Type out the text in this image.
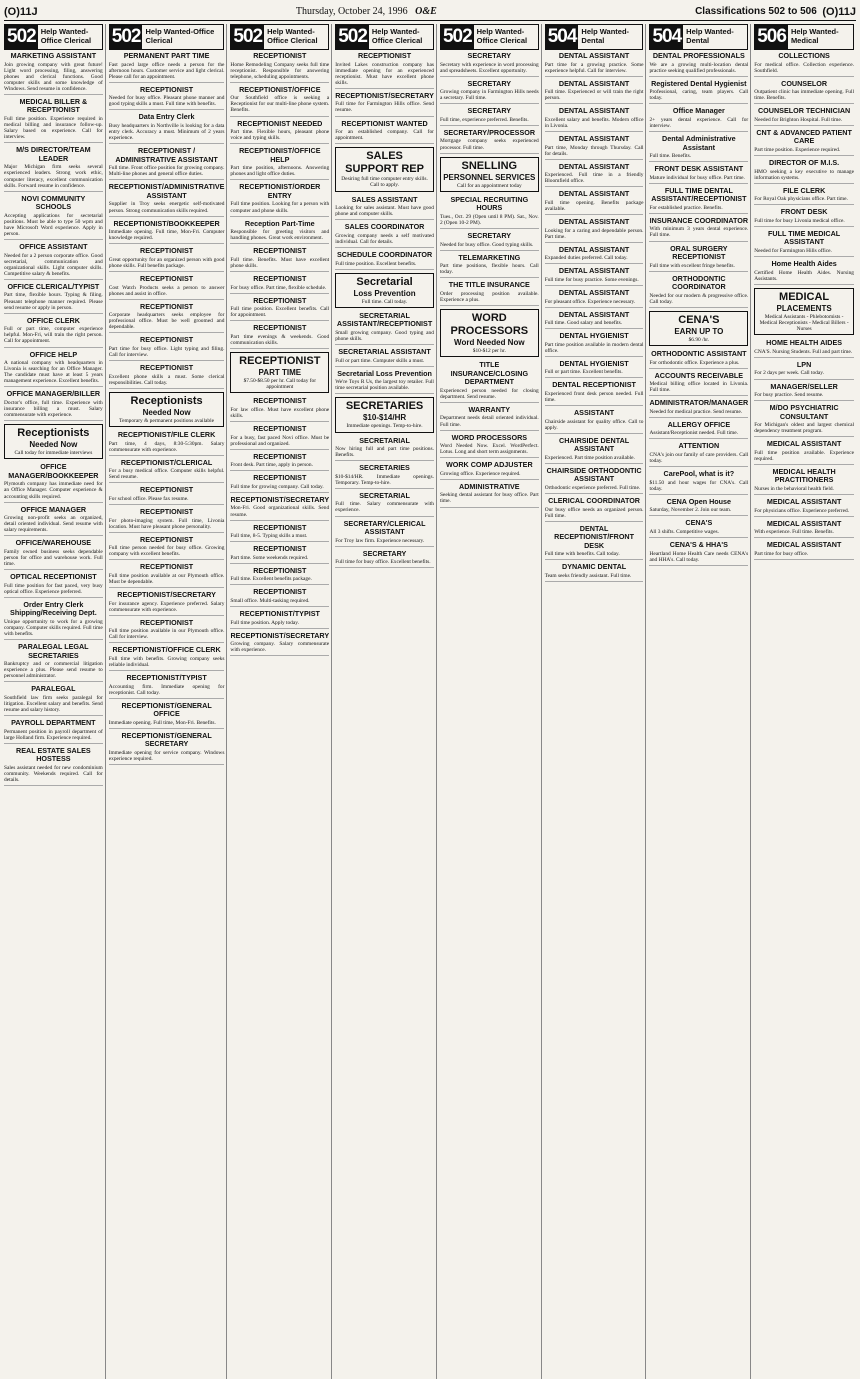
(O)11J	Thursday, October 24, 1996 O&E	Classifications 502 to 506
(O)11J
502 Help Wanted-Office Clerical
MARKETING ASSISTANT
Join growing company with great future! Light word processing, filing, answering phones and clerical functions. Good computer skills and some knowledge of Windows. Send resume in confidence.
MEDICAL BILLER & RECEPTIONIST
Full time position. Experience required in medical billing and insurance follow-up. Salary based on experience. Call for interview.
M/S DIRECTOR/TEAM LEADER
Major Michigan firm seeks several experienced leaders. Strong work ethic, computer literacy, excellent communication skills. Forward resume in confidence.
NOVI COMMUNITY SCHOOLS
Accepting applications for secretarial positions. Must be able to type 50 wpm and have Microsoft Word experience. Apply in person.
OFFICE ASSISTANT
Needed for a 2 person corporate office. Good secretarial, communication and organizational skills. Light computer skills. Competitive salary & benefits.
OFFICE CLERICAL/TYPIST
Part time, flexible hours. Typing & filing. Pleasant telephone manner required. Please send resume or apply in person.
OFFICE CLERK
Full or part time, computer experience helpful. Mon-Fri, will train the right person. Call for appointment.
OFFICE HELP
A national company with headquarters in Livonia is searching for an Office Manager. The candidate must have at least 5 years management experience. Excellent benefits.
OFFICE MANAGER/BILLER
Doctor's office, full time. Experience with insurance billing a must. Salary commensurate with experience.
Receptionists
Needed Now
Call today for immediate interviews
OFFICE MANAGER/BOOKKEEPER
Plymouth company has immediate need for an Office Manager. Computer experience & accounting skills required.
OFFICE MANAGER
Growing non-profit seeks an organized, detail oriented individual. Send resume with salary requirements.
OFFICE/WAREHOUSE
Family owned business seeks dependable person for office and warehouse work. Full time.
OPTICAL RECEPTIONIST
Full time position for fast paced, very busy optical office. Experience preferred.
Order Entry Clerk Shipping/Receiving Dept.
Unique opportunity to work for a growing company. Computer skills required. Full time with benefits.
PARALEGAL LEGAL SECRETARIES
Bankruptcy and or commercial litigation experience a plus. Please send resume to personnel administrator.
PARALEGAL
Southfield law firm seeks paralegal for litigation. Excellent salary and benefits. Send resume and salary history.
PAYROLL DEPARTMENT
Permanent position in payroll department of large Holland firm. Experience required.
REAL ESTATE SALES HOSTESS
Sales assistant needed for new condominium community. Weekends required. Call for details.
502 Help Wanted-Office Clerical
PERMANENT PART TIME
Fast paced large office needs a person for the afternoon hours. Customer service and light clerical. Please call for an appointment.
RECEPTIONIST
Needed for busy office. Pleasant phone manner and good typing skills a must. Full time with benefits.
Data Entry Clerk
Busy headquarters in Northville is looking for a data entry clerk. Accuracy a must. Minimum of 2 years experience.
RECEPTIONIST / ADMINISTRATIVE ASSISTANT
Full time. Front office position for growing company. Multi-line phones and general office duties.
RECEPTIONIST/ADMINISTRATIVE ASSISTANT
Supplier in Troy seeks energetic self-motivated person. Strong communication skills required.
RECEPTIONIST/BOOKKEEPER
Immediate opening. Full time, Mon-Fri. Computer knowledge required.
RECEPTIONIST
Great opportunity for an organized person with good phone skills. Full benefits package.
RECEPTIONIST
Cost Watch Products seeks a person to answer phones and assist in office.
RECEPTIONIST
Corporate headquarters seeks employee for professional office. Must be well groomed and dependable.
RECEPTIONIST
Part time for busy office. Light typing and filing. Call for interview.
RECEPTIONIST
Excellent phone skills a must. Some clerical responsibilities. Call today.
Receptionists
Needed Now
Temporary & permanent positions available
RECEPTIONIST/FILE CLERK
Part time, 4 days, 8:30-5:30pm. Salary commensurate with experience.
RECEPTIONIST/CLERICAL
For a busy medical office. Computer skills helpful. Send resume.
RECEPTIONIST
For school office. Please fax resume.
RECEPTIONIST
For photo-imaging system. Full time, Livonia location. Must have pleasant phone personality.
RECEPTIONIST
Full time person needed for busy office. Growing company with excellent benefits.
RECEPTIONIST
Full time position available at our Plymouth office. Must be dependable.
RECEPTIONIST/SECRETARY
For insurance agency. Experience preferred. Salary commensurate with experience.
RECEPTIONIST
Full time position available in our Plymouth office. Call for interview.
RECEPTIONIST/OFFICE CLERK
Full time with benefits. Growing company seeks reliable individual.
RECEPTIONIST/TYPIST
Accounting firm. Immediate opening for receptionist. Call today.
RECEPTIONIST/GENERAL OFFICE
Immediate opening. Full time, Mon-Fri. Benefits.
RECEPTIONIST/GENERAL SECRETARY
Immediate opening for service company. Windows experience required.
502 Help Wanted-Office Clerical
RECEPTIONIST
Home Remodeling Company seeks full time receptionist. Responsible for answering telephone, scheduling appointments.
RECEPTIONIST/OFFICE
Our Southfield office is seeking a Receptionist for our multi-line phone system. Benefits.
RECEPTIONIST NEEDED
Part time. Flexible hours, pleasant phone voice and typing skills.
RECEPTIONIST/OFFICE HELP
Part time position, afternoons. Answering phones and light office duties.
RECEPTIONIST/ORDER ENTRY
Full time position. Looking for a person with computer and phone skills.
Reception Part-Time
Responsible for greeting visitors and handling phones. Great work environment.
RECEPTIONIST
Full time. Benefits. Must have excellent phone skills.
RECEPTIONIST
For busy office. Part time, flexible schedule.
RECEPTIONIST
Full time position. Excellent benefits. Call for appointment.
RECEPTIONIST
Part time evenings & weekends. Good communication skills.
RECEPTIONIST
PART TIME
$7.50-$8.50 per hr. Call today for appointment
RECEPTIONIST
For law office. Must have excellent phone skills.
RECEPTIONIST
For a busy, fast paced Novi office. Must be professional and organized.
RECEPTIONIST
Front desk. Part time, apply in person.
RECEPTIONIST
Full time for growing company. Call today.
RECEPTIONIST/SECRETARY
Mon-Fri. Good organizational skills. Send resume.
RECEPTIONIST
Full time, 8-5. Typing skills a must.
RECEPTIONIST
Part time. Some weekends required.
RECEPTIONIST
Full time. Excellent benefits package.
RECEPTIONIST
Small office. Multi-tasking required.
RECEPTIONIST/TYPIST
Full time position. Apply today.
RECEPTIONIST/SECRETARY
Growing company. Salary commensurate with experience.
502 Help Wanted-Office Clerical
RECEPTIONIST
Invited Lakes construction company has immediate opening for an experienced receptionist. Must have excellent phone skills.
RECEPTIONIST/SECRETARY
Full time for Farmington Hills office. Send resume.
RECEPTIONIST WANTED
For an established company. Call for appointment.
SALES SUPPORT REP
Desiring full time computer entry skills. Call to apply.
SALES ASSISTANT
Looking for sales assistant. Must have good phone and computer skills.
SALES COORDINATOR
Growing company needs a self motivated individual. Call for details.
SCHEDULE COORDINATOR
Full time position. Excellent benefits.
Secretarial
Loss Prevention
Full time. Call today.
SECRETARIAL ASSISTANT/RECEPTIONIST
Small growing company. Good typing and phone skills.
SECRETARIAL ASSISTANT
Full or part time. Computer skills a must.
Secretarial Loss Prevention
We're Toys R Us, the largest toy retailer. Full time secretarial position available.
SECRETARIES
$10-$14/HR
Immediate openings. Temp-to-hire.
SECRETARIAL
Now hiring full and part time positions. Benefits.
SECRETARIES
$10-$14/HR. Immediate openings. Temporary. Temp-to-hire.
SECRETARIAL
Full time. Salary commensurate with experience.
SECRETARY/CLERICAL ASSISTANT
For Troy law firm. Experience necessary.
SECRETARY
Full time for busy office. Excellent benefits.
502 Help Wanted-Office Clerical
SECRETARY
Secretary with experience in word processing and spreadsheets. Excellent opportunity.
SECRETARY
Growing company in Farmington Hills needs a secretary. Full time.
SECRETARY
Full time, experience preferred. Benefits.
SECRETARY/PROCESSOR
Mortgage company seeks experienced processor. Full time.
SNELLING
PERSONNEL SERVICES
Call for an appointment today
SPECIAL RECRUITING HOURS
Tues., Oct. 29 (Open until 8 PM). Sat., Nov. 2 (Open 10-2 PM).
SECRETARY
Needed for busy office. Good typing skills.
TELEMARKETING
Part time positions, flexible hours. Call today.
THE TITLE INSURANCE
Order processing position available. Experience a plus.
WORD PROCESSORS
Word Needed Now
$10-$12 per hr.
TITLE INSURANCE/CLOSING DEPARTMENT
Experienced person needed for closing department. Send resume.
WARRANTY
Department needs detail oriented individual. Full time.
WORD PROCESSORS
Word Needed Now. Excel. WordPerfect. Lotus. Long and short term assignments.
WORK COMP ADJUSTER
Growing office. Experience required.
ADMINISTRATIVE
Seeking dental assistant for busy office. Part time.
504 Help Wanted-Dental
DENTAL ASSISTANT
Part time for a growing practice. Some experience helpful. Call for interview.
DENTAL ASSISTANT
Full time. Experienced or will train the right person.
DENTAL ASSISTANT
Excellent salary and benefits. Modern office in Livonia.
DENTAL ASSISTANT
Part time, Monday through Thursday. Call for details.
DENTAL ASSISTANT
Experienced. Full time in a friendly Bloomfield office.
DENTAL ASSISTANT
Full time opening. Benefits package available.
DENTAL ASSISTANT
Looking for a caring and dependable person. Part time.
DENTAL ASSISTANT
Expanded duties preferred. Call today.
DENTAL ASSISTANT
Full time for busy practice. Some evenings.
DENTAL ASSISTANT
For pleasant office. Experience necessary.
DENTAL ASSISTANT
Full time. Good salary and benefits.
DENTAL HYGIENIST
Part time position available in modern dental office.
DENTAL HYGIENIST
Full or part time. Excellent benefits.
DENTAL RECEPTIONIST
Experienced front desk person needed. Full time.
ASSISTANT
Chairside assistant for quality office. Call to apply.
CHAIRSIDE DENTAL ASSISTANT
Experienced. Part time position available.
CHAIRSIDE ORTHODONTIC ASSISTANT
Orthodontic experience preferred. Full time.
CLERICAL COORDINATOR
Our busy office needs an organized person. Full time.
DENTAL RECEPTIONIST/FRONT DESK
Full time with benefits. Call today.
DYNAMIC DENTAL
Team seeks friendly assistant. Full time.
504 Help Wanted-Dental
DENTAL PROFESSIONALS
We are a growing multi-location dental practice seeking qualified professionals.
Registered Dental Hygienist
Professional, caring, team players. Call today.
Office Manager
2+ years dental experience. Call for interview.
Dental Administrative Assistant
Full time. Benefits.
FRONT DESK ASSISTANT
Mature individual for busy office. Part time.
FULL TIME DENTAL ASSISTANT/RECEPTIONIST
For established practice. Benefits.
INSURANCE COORDINATOR
With minimum 3 years dental experience. Full time.
ORAL SURGERY RECEPTIONIST
Full time with excellent fringe benefits.
ORTHODONTIC COORDINATOR
Needed for our modern & progressive office. Call today.
CENA'S
EARN UP TO
$6.90 /hr.
ORTHODONTIC ASSISTANT
For orthodontic office. Experience a plus.
ACCOUNTS RECEIVABLE
Medical billing office located in Livonia. Full time.
ADMINISTRATOR/MANAGER
Needed for medical practice. Send resume.
ALLERGY OFFICE
Assistant/Receptionist needed. Full time.
ATTENTION
CNA's join our family of care providers. Call today.
CarePool, what is it?
$11.50 and hour wages for CNA's. Call today.
CENA Open House
Saturday, November 2. Join our team.
CENA'S
All 3 shifts. Competitive wages.
CENA'S & HHA'S
Heartland Home Health Care needs CENA's and HHA's. Call today.
506 Help Wanted-Medical
COLLECTIONS
For medical office. Collection experience. Southfield.
COUNSELOR
Outpatient clinic has immediate opening. Full time. Benefits.
COUNSELOR TECHNICIAN
Needed for Brighton Hospital. Full time.
CNT & ADVANCED PATIENT CARE
Part time position. Experience required.
DIRECTOR OF M.I.S.
HMO seeking a key executive to manage information systems.
FILE CLERK
For Royal Oak physicians office. Part time.
FRONT DESK
Full time for busy Livonia medical office.
FULL TIME MEDICAL ASSISTANT
Needed for Farmington Hills office.
Home Health Aides
Certified Home Health Aides. Nursing Assistants.
MEDICAL
PLACEMENTS
Medical Assistants - Phlebotomists - Medical Receptionists - Medical Billers - Nurses
HOME HEALTH AIDES
CNA'S. Nursing Students. Full and part time.
LPN
For 2 days per week. Call today.
MANAGER/SELLER
For busy practice. Send resume.
M/DO PSYCHIATRIC CONSULTANT
For Michigan's oldest and largest chemical dependency treatment program.
MEDICAL ASSISTANT
Full time position available. Experience required.
MEDICAL HEALTH PRACTITIONERS
Nurses in the behavioral health field.
MEDICAL ASSISTANT
For physicians office. Experience preferred.
MEDICAL ASSISTANT
With experience. Full time. Benefits.
MEDICAL ASSISTANT
Part time for busy office.
